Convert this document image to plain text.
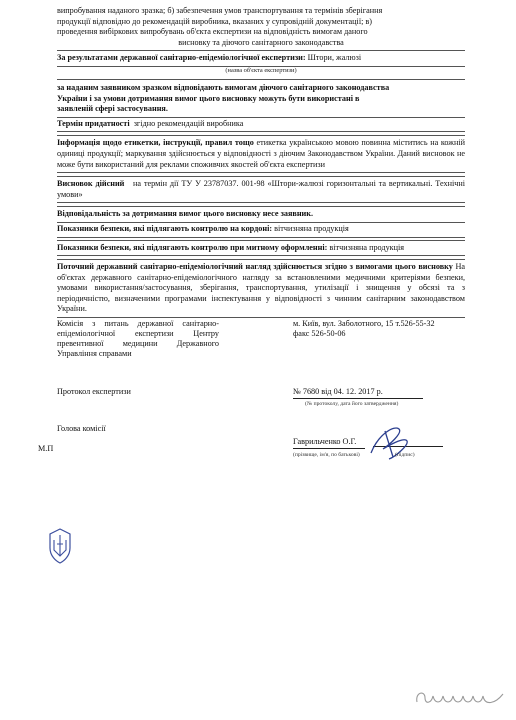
випробування наданого зразка; б) забезпечення умов транспортування та термінів зберігання
продукції відповідно до рекомендацій виробника, вказаних у супровідній документації; в)
проведення вибіркових випробувань об'єкта експертизи на відповідність вимогам даного
висновку та діючого санітарного законодавства
За результатами державної санітарно-епідеміологічної експертизи: Штори, жалюзі
(назва об'єкта експертизи)
за наданим заявником зразком відповідають вимогам діючого санітарного законодавства
України і за умови дотримання вимог цього висновку можуть бути використані в
заявленій сфері застосування.
Термін придатності згідно рекомендацій виробника
Інформація щодо етикетки, інструкції, правил тощо етикетка українською мовою повинна міститись на кожній одиниці продукції; маркування здійснюється у відповідності з діючим Законодавством України. Даний висновок не може бути використаний для реклами споживчих якостей об'єкта експертизи
Висновок дійсний на термін дії ТУ У 23787037. 001-98 «Штори-жалюзі горизонтальні та вертикальні. Технічні умови»
Відповідальність за дотримання вимог цього висновку несе заявник.
Показники безпеки, які підлягають контролю на кордоні: вітчизняна продукція
Показники безпеки, які підлягають контролю при митному оформленні: вітчизняна продукція
Поточний державний санітарно-епідеміологічний нагляд здійснюється згідно з вимогами цього висновку На об'єктах державного санітарно-епідеміологічного нагляду за встановленими медичними критеріями безпеки, умовами використання/застосування, зберігання, транспортування, утилізації і знищення у обсязі та з періодичністю, визначеними програмами інспектування у відповідності з чинним санітарним законодавством України.
Комісія з питань державної санітарно-епідеміологічної експертизи Центру превентивної медицини Державного Управління справами
м. Київ, вул. Заболотного, 15 т.526-55-32
факс 526-50-06
Протокол експертизи	№ 7680 від 04. 12. 2017 р.
(№ протоколу, дата його затвердження)
Голова комісії
Гаврильченко О.Г.
(прізвище, ім'я, по батькові)	(підпис)
М.П
